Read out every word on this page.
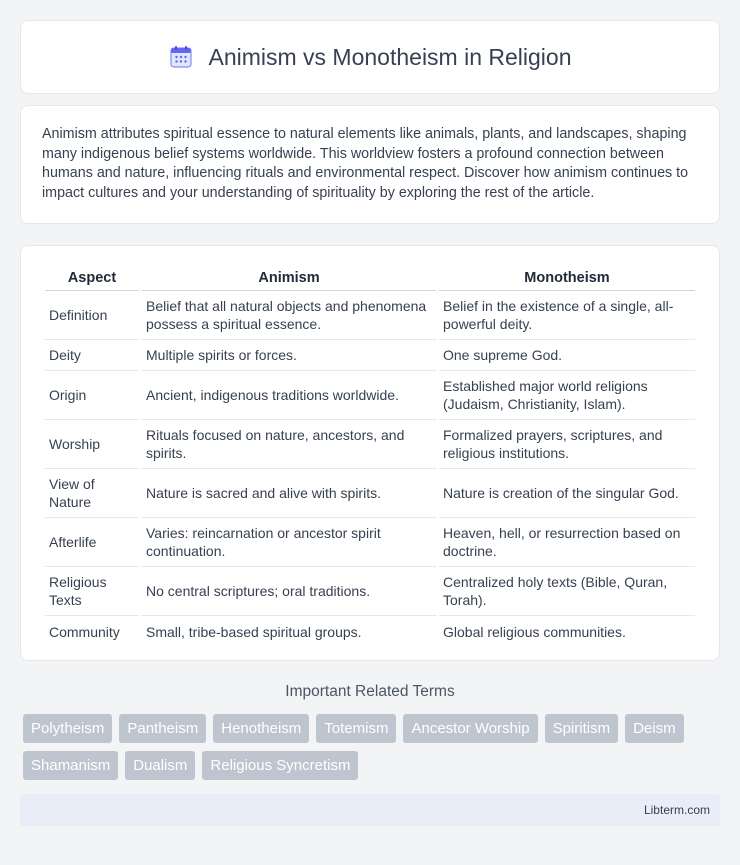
Animism vs Monotheism in Religion

Animism attributes spiritual essence to natural elements like animals, plants, and landscapes, shaping many indigenous belief systems worldwide. This worldview fosters a profound connection between humans and nature, influencing rituals and environmental respect. Discover how animism continues to impact cultures and your understanding of spirituality by exploring the rest of the article.

Aspect	Animism	Monotheism
Definition	Belief that all natural objects and phenomena possess a spiritual essence.	Belief in the existence of a single, all-powerful deity.
Deity	Multiple spirits or forces.	One supreme God.
Origin	Ancient, indigenous traditions worldwide.	Established major world religions (Judaism, Christianity, Islam).
Worship	Rituals focused on nature, ancestors, and spirits.	Formalized prayers, scriptures, and religious institutions.
View of Nature	Nature is sacred and alive with spirits.	Nature is creation of the singular God.
Afterlife	Varies: reincarnation or ancestor spirit continuation.	Heaven, hell, or resurrection based on doctrine.
Religious Texts	No central scriptures; oral traditions.	Centralized holy texts (Bible, Quran, Torah).
Community	Small, tribe-based spiritual groups.	Global religious communities.
Important Related Terms
Polytheism	Pantheism	Henotheism	Totemism	Ancestor Worship	Spiritism	Deism
Shamanism	Dualism	Religious Syncretism
Libterm.com
